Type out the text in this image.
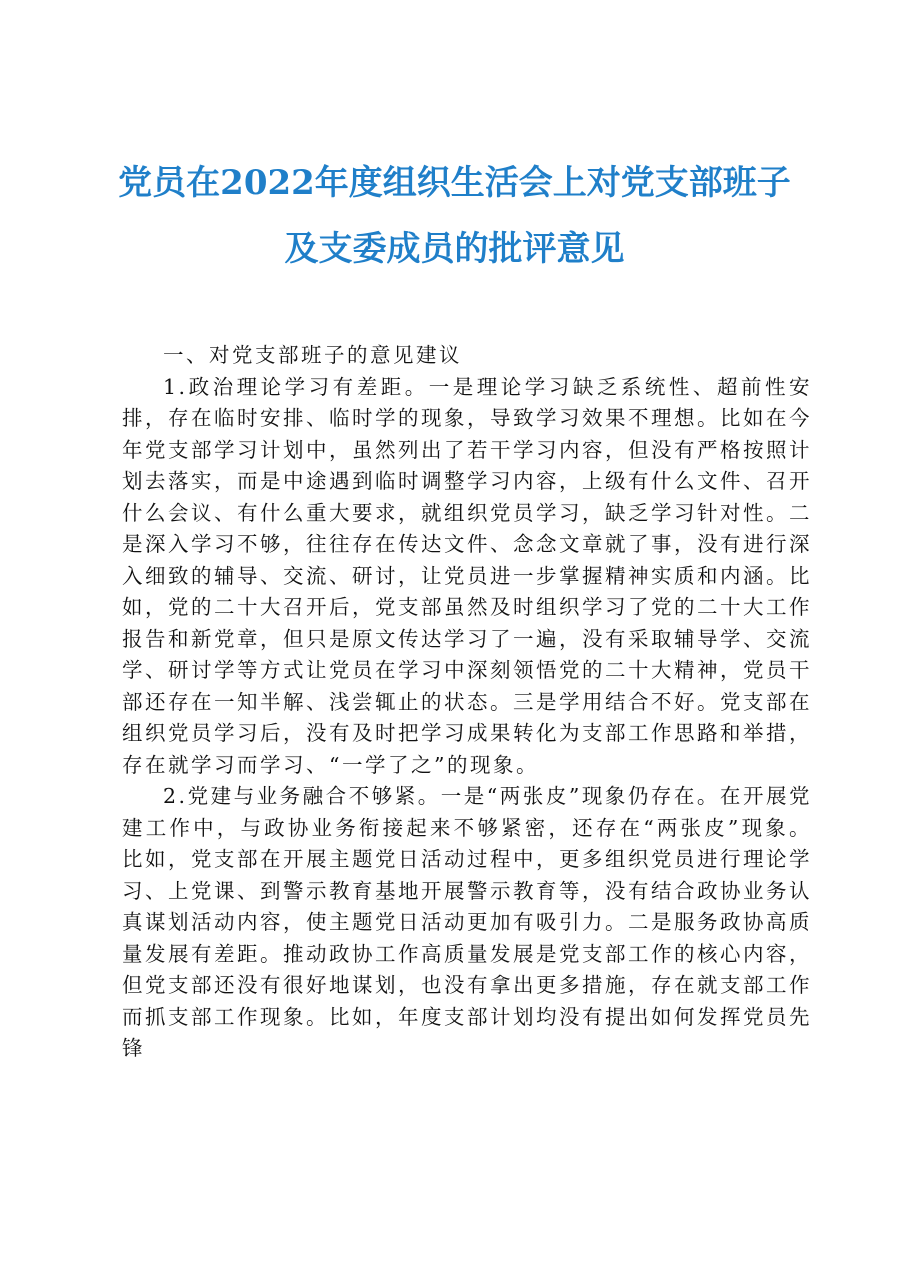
党员在2022年度组织生活会上对党支部班子
及支委成员的批评意见

一、对党支部班子的意见建议

1.政治理论学习有差距。一是理论学习缺乏系统性、超前性安排，存在临时安排、临时学的现象，导致学习效果不理想。比如在今年党支部学习计划中，虽然列出了若干学习内容，但没有严格按照计划去落实，而是中途遇到临时调整学习内容，上级有什么文件、召开什么会议、有什么重大要求，就组织党员学习，缺乏学习针对性。二是深入学习不够，往往存在传达文件、念念文章就了事，没有进行深入细致的辅导、交流、研讨，让党员进一步掌握精神实质和内涵。比如，党的二十大召开后，党支部虽然及时组织学习了党的二十大工作报告和新党章，但只是原文传达学习了一遍，没有采取辅导学、交流学、研讨学等方式让党员在学习中深刻领悟党的二十大精神，党员干部还存在一知半解、浅尝辄止的状态。三是学用结合不好。党支部在组织党员学习后，没有及时把学习成果转化为支部工作思路和举措，存在就学习而学习、“一学了之”的现象。

2.党建与业务融合不够紧。一是“两张皮”现象仍存在。在开展党建工作中，与政协业务衔接起来不够紧密，还存在“两张皮”现象。比如，党支部在开展主题党日活动过程中，更多组织党员进行理论学习、上党课、到警示教育基地开展警示教育等，没有结合政协业务认真谋划活动内容，使主题党日活动更加有吸引力。二是服务政协高质量发展有差距。推动政协工作高质量发展是党支部工作的核心内容，但党支部还没有很好地谋划，也没有拿出更多措施，存在就支部工作而抓支部工作现象。比如，年度支部计划均没有提出如何发挥党员先锋
